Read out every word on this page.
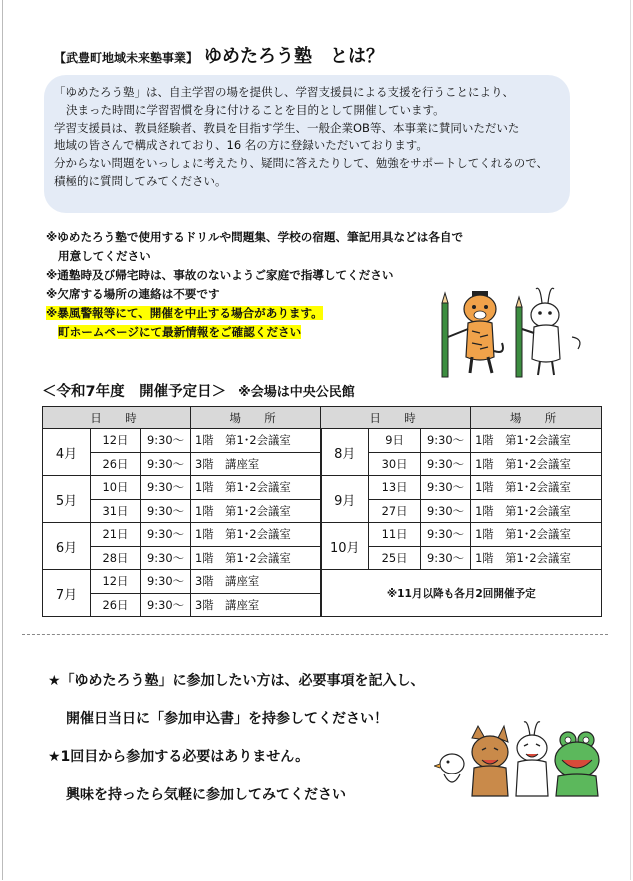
【武豊町地域未来塾事業】 ゆめたろう塾　とは？

「ゆめたろう塾」は、自主学習の場を提供し、学習支援員による支援を行うことにより、

決まった時間に学習習慣を身に付けることを目的として開催しています。

学習支援員は、教員経験者、教員を目指す学生、一般企業OB等、本事業に賛同いただいた

地域の皆さんで構成されており、16 名の方に登録いただいております。

分からない問題をいっしょに考えたり、疑問に答えたりして、勉強をサポートしてくれるので、

積極的に質問してみてください。

※ゆめたろう塾で使用するドリルや問題集、学校の宿題、筆記用具などは各自で
用意してください
※通塾時及び帰宅時は、事故のないようご家庭で指導してください
※欠席する場所の連絡は不要です
※暴風警報等にて、開催を中止する場合があります。
町ホームページにて最新情報をご確認ください
＜令和7年度　開催予定日＞ ※会場は中央公民館
日　時			場　所	日　時			場　所
4月	12日	9:30～	1階　第1･2会議室	8月	9日	9:30～	1階　第1･2会議室
	26日	9:30～	3階　講座室		30日	9:30～	1階　第1･2会議室
5月	10日	9:30～	1階　第1･2会議室	9月	13日	9:30～	1階　第1･2会議室
	31日	9:30～	1階　第1･2会議室		27日	9:30～	1階　第1･2会議室
6月	21日	9:30～	1階　第1･2会議室	10月	11日	9:30～	1階　第1･2会議室
	28日	9:30～	1階　第1･2会議室		25日	9:30～	1階　第1･2会議室
7月	12日	9:30～	3階　講座室	※11月以降も各月2回開催予定			
	26日	9:30～	3階　講座室				
★「ゆめたろう塾」に参加したい方は、必要事項を記入し、
開催日当日に「参加申込書」を持参してください！
★1回目から参加する必要はありません。
興味を持ったら気軽に参加してみてください
